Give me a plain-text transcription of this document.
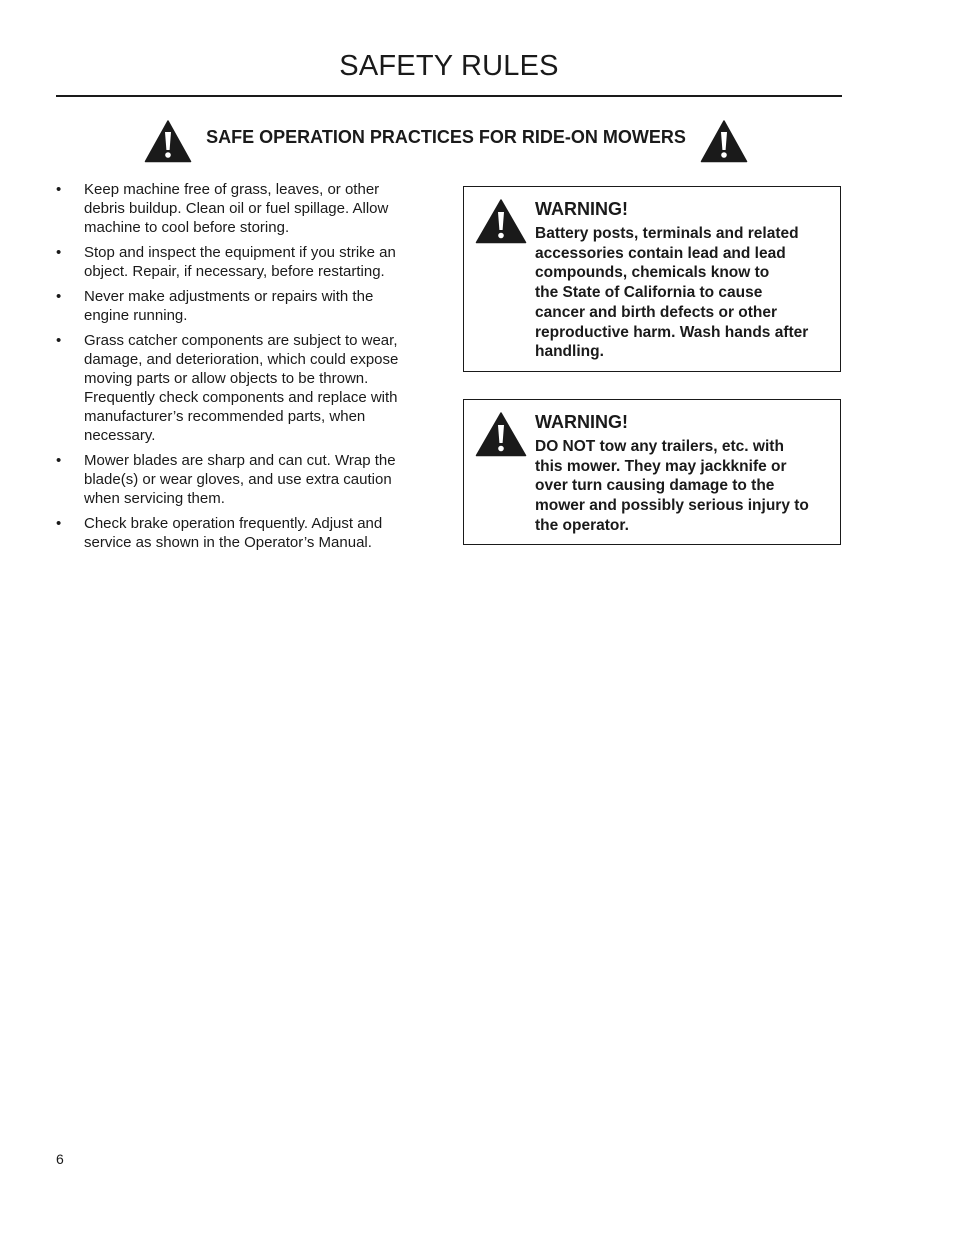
SAFETY RULES
SAFE OPERATION PRACTICES FOR RIDE-ON MOWERS
• Keep machine free of grass, leaves, or other debris buildup. Clean oil or fuel spillage. Allow machine to cool before storing.
• Stop and inspect the equipment if you strike an object. Repair, if necessary, before restarting.
• Never make adjustments or repairs with the engine running.
• Grass catcher components are subject to wear, damage, and deterioration, which could expose moving parts or allow objects to be thrown. Frequently check components and replace with manufacturer’s recommended parts, when necessary.
• Mower blades are sharp and can cut. Wrap the blade(s) or wear gloves, and use extra caution when servicing them.
• Check brake operation frequently. Adjust and service as shown in the Operator’s Manual.
WARNING!

Battery posts, terminals and related
accessories contain lead and lead
compounds, chemicals know to
the State of California to cause
cancer and birth defects or other
reproductive harm. Wash hands after
handling.

WARNING!

DO NOT tow any trailers, etc. with
this mower. They may jackknife or
over turn causing damage to the
mower and possibly serious injury to
the operator.

6
